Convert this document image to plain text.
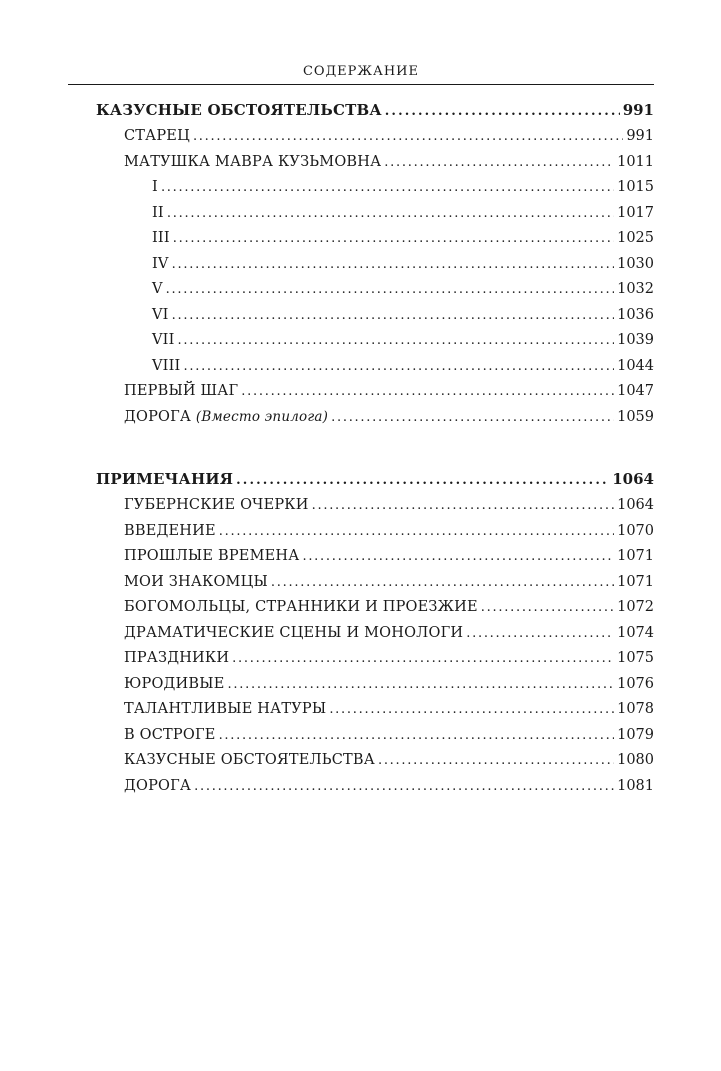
СОДЕРЖАНИЕ
КАЗУСНЫЕ ОБСТОЯТЕЛЬСТВА . . .	991
СТАРЕЦ . . .	991
МАТУШКА МАВРА КУЗЬМОВНА . . .	1011
I . . .	1015
II . . .	1017
III . . .	1025
IV . . .	1030
V . . .	1032
VI . . .	1036
VII . . .	1039
VIII . . .	1044
ПЕРВЫЙ ШАГ . . .	1047
ДОРОГА (Вместо эпилога) . . .	1059
ПРИМЕЧАНИЯ . . .	1064
ГУБЕРНСКИЕ ОЧЕРКИ . . .	1064
ВВЕДЕНИЕ . . .	1070
ПРОШЛЫЕ ВРЕМЕНА . . .	1071
МОИ ЗНАКОМЦЫ . . .	1071
БОГОМОЛЬЦЫ, СТРАННИКИ И ПРОЕЗЖИЕ . . .	1072
ДРАМАТИЧЕСКИЕ СЦЕНЫ И МОНОЛОГИ . . .	1074
ПРАЗДНИКИ . . .	1075
ЮРОДИВЫЕ . . .	1076
ТАЛАНТЛИВЫЕ НАТУРЫ . . .	1078
В ОСТРОГЕ . . .	1079
КАЗУСНЫЕ ОБСТОЯТЕЛЬСТВА . . .	1080
ДОРОГА . . .	1081
